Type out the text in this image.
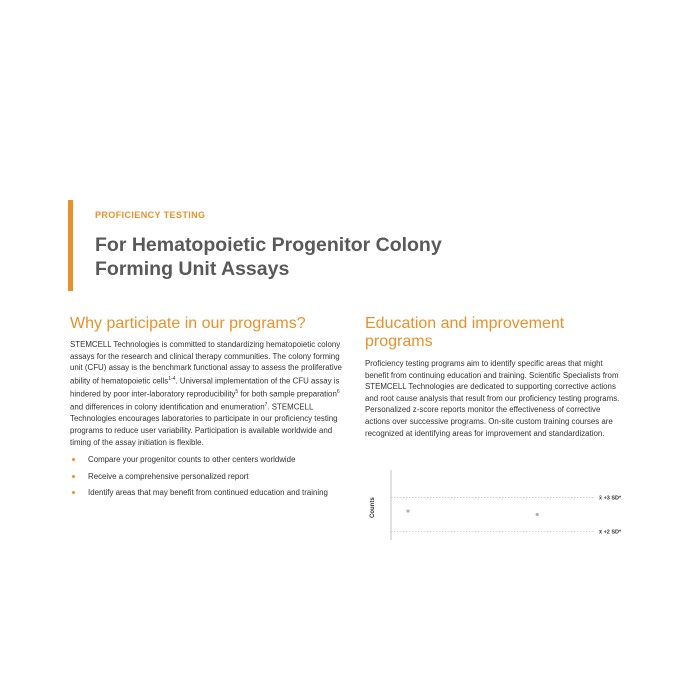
PROFICIENCY TESTING
For Hematopoietic Progenitor Colony Forming Unit Assays
Why participate in our programs?

STEMCELL Technologies is committed to standardizing hematopoietic colony assays for the research and clinical therapy communities. The colony forming unit (CFU) assay is the benchmark functional assay to assess the proliferative ability of hematopoietic cells$^{1-4}$. Universal implementation of the CFU assay is hindered by poor inter-laboratory reproducibility$^5$ for both sample preparation$^6$ and differences in colony identification and enumeration$^7$. STEMCELL Technologies encourages laboratories to participate in our proficiency testing programs to reduce user variability. Participation is available worldwide and timing of the assay initiation is flexible.

Compare your progenitor counts to other centers worldwide
Receive a comprehensive personalized report
Identify areas that may benefit from continued education and training
Education and improvement programs

Proficiency testing programs aim to identify specific areas that might benefit from continuing education and training. Scientific Specialists from STEMCELL Technologies are dedicated to supporting corrective actions and root cause analysis that result from our proficiency testing programs. Personalized z-score reports monitor the effectiveness of corrective actions over successive programs. On-site custom training courses are recognized at identifying areas for improvement and standardization.

x̄ +3 SD*
x̄ +2 SD*
Counts
